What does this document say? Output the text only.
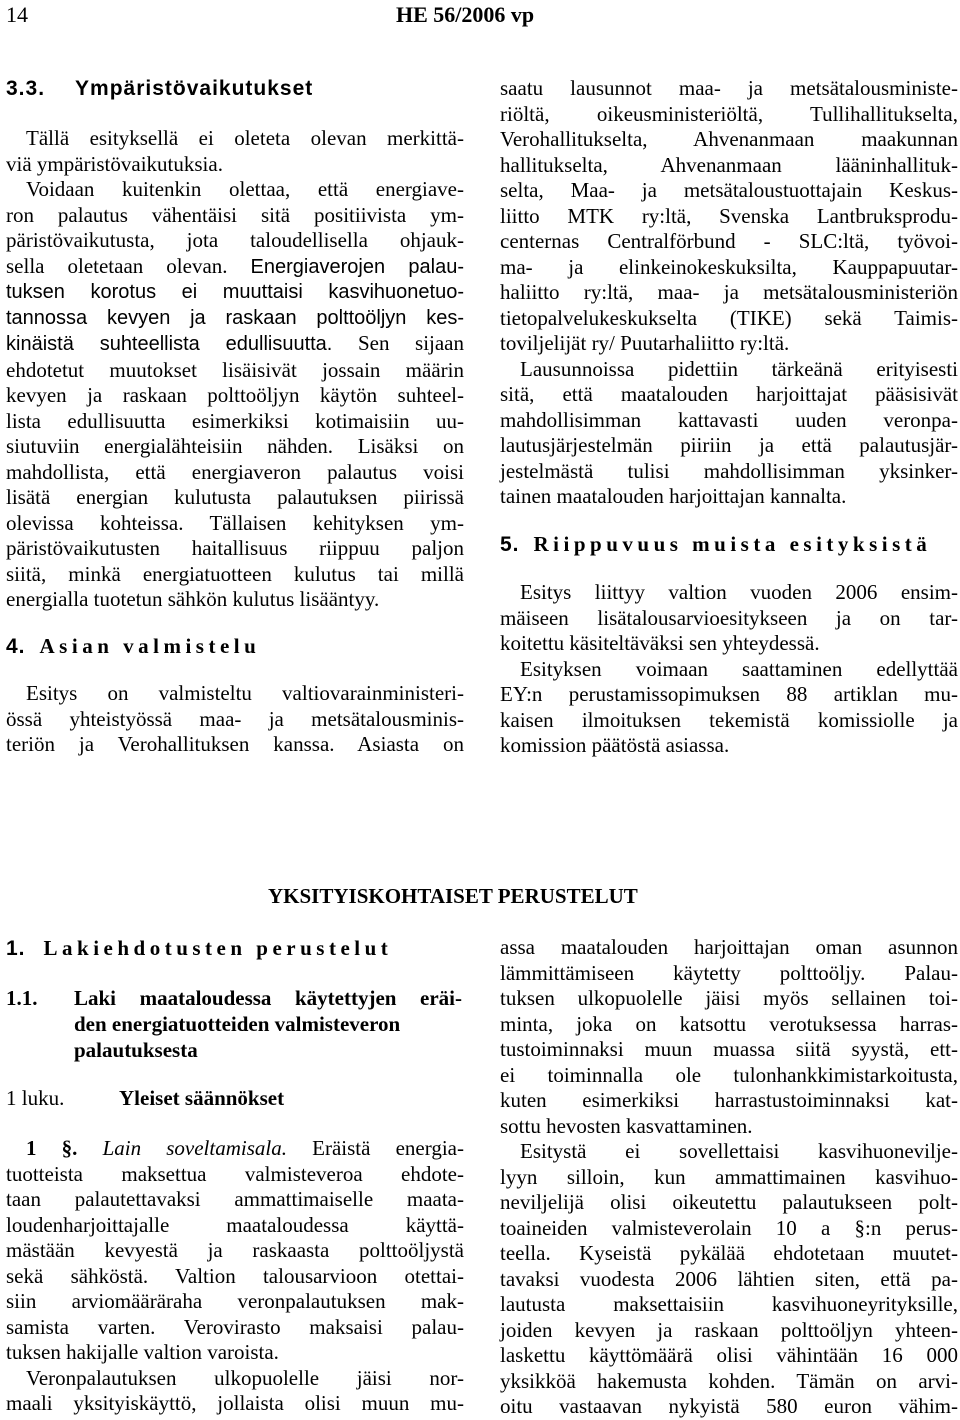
14	HE 56/2006 vp
3.3. Ympäristövaikutukset
Tällä esityksellä ei oleteta olevan merkittä-
viä ympäristövaikutuksia.
Voidaan kuitenkin olettaa, että energiave-
ron palautus vähentäisi sitä positiivista ym-
päristövaikutusta, jota taloudellisella ohjauk-
sella oletetaan olevan. Energiaverojen palau-
tuksen korotus ei muuttaisi kasvihuonetuo-
tannossa kevyen ja raskaan polttoöljyn kes-
kinäistä suhteellista edullisuutta. Sen sijaan
ehdotetut muutokset lisäisivät jossain määrin
kevyen ja raskaan polttoöljyn käytön suhteel-
lista edullisuutta esimerkiksi kotimaisiin uu-
siutuviin energialähteisiin nähden. Lisäksi on
mahdollista, että energiaveron palautus voisi
lisätä energian kulutusta palautuksen piirissä
olevissa kohteissa. Tällaisen kehityksen ym-
päristövaikutusten haitallisuus riippuu paljon
siitä, minkä energiatuotteen kulutus tai millä
energialla tuotetun sähkön kulutus lisääntyy.
4. Asian valmistelu
Esitys on valmisteltu valtiovarainministeri-
össä yhteistyössä maa- ja metsätalousminis-
teriön ja Verohallituksen kanssa. Asiasta on
saatu lausunnot maa- ja metsätalousministe-
riöltä, oikeusministeriöltä, Tullihallitukselta,
Verohallitukselta, Ahvenanmaan maakunnan
hallitukselta, Ahvenanmaan lääninhallituk-
selta, Maa- ja metsätaloustuottajain Keskus-
liitto MTK ry:ltä, Svenska Lantbruksprodu-
centernas Centralförbund - SLC:ltä, työvoi-
ma- ja elinkeinokeskuksilta, Kauppapuutar-
haliitto ry:ltä, maa- ja metsätalousministeriön
tietopalvelukeskukselta (TIKE) sekä Taimis-
toviljelijät ry/ Puutarhaliitto ry:ltä.
Lausunnoissa pidettiin tärkeänä erityisesti
sitä, että maatalouden harjoittajat pääsisivät
mahdollisimman kattavasti uuden veronpa-
lautusjärjestelmän piiriin ja että palautusjär-
jestelmästä tulisi mahdollisimman yksinker-
tainen maatalouden harjoittajan kannalta.
5. Riippuvuus muista esityksistä
Esitys liittyy valtion vuoden 2006 ensim-
mäiseen lisätalousarvioesitykseen ja on tar-
koitettu käsiteltäväksi sen yhteydessä.
Esityksen voimaan saattaminen edellyttää
EY:n perustamissopimuksen 88 artiklan mu-
kaisen ilmoituksen tekemistä komissiolle ja
komission päätöstä asiassa.
YKSITYISKOHTAISET PERUSTELUT
1. Lakiehdotusten perustelut
1.1. Laki maataloudessa käytettyjen eräi-
den energiatuotteiden valmisteveron
palautuksesta
1 luku.	Yleiset säännökset
1 §. Lain soveltamisala. Eräistä energia-
tuotteista maksettua valmisteveroa ehdote-
taan palautettavaksi ammattimaiselle maata-
loudenharjoittajalle maataloudessa käyttä-
mästään kevyestä ja raskaasta polttoöljystä
sekä sähköstä. Valtion talousarvioon otettai-
siin arviomääräraha veronpalautuksen mak-
samista varten. Verovirasto maksaisi palau-
tuksen hakijalle valtion varoista.
Veronpalautuksen ulkopuolelle jäisi nor-
maali yksityiskäyttö, jollaista olisi muun mu-
assa maatalouden harjoittajan oman asunnon
lämmittämiseen käytetty polttoöljy. Palau-
tuksen ulkopuolelle jäisi myös sellainen toi-
minta, joka on katsottu verotuksessa harras-
tustoiminnaksi muun muassa siitä syystä, ett-
ei toiminnalla ole tulonhankkimistarkoitusta,
kuten esimerkiksi harrastustoiminnaksi kat-
sottu hevosten kasvattaminen.
Esitystä ei sovellettaisi kasvihuoneviljе-
lyyn silloin, kun ammattimainen kasvihuo-
neviljelijä olisi oikeutettu palautukseen polt-
toaineiden valmisteverolain 10 a §:n perus-
teella. Kyseistä pykälää ehdotetaan muutet-
tavaksi vuodesta 2006 lähtien siten, että pa-
lautusta maksettaisiin kasvihuoneyrityksille,
joiden kevyen ja raskaan polttoöljyn yhteen-
laskettu käyttömäärä olisi vähintään 16 000
yksikköä hakemusta kohden. Tämän on arvi-
oitu vastaavan nykyistä 580 euron vähim-
